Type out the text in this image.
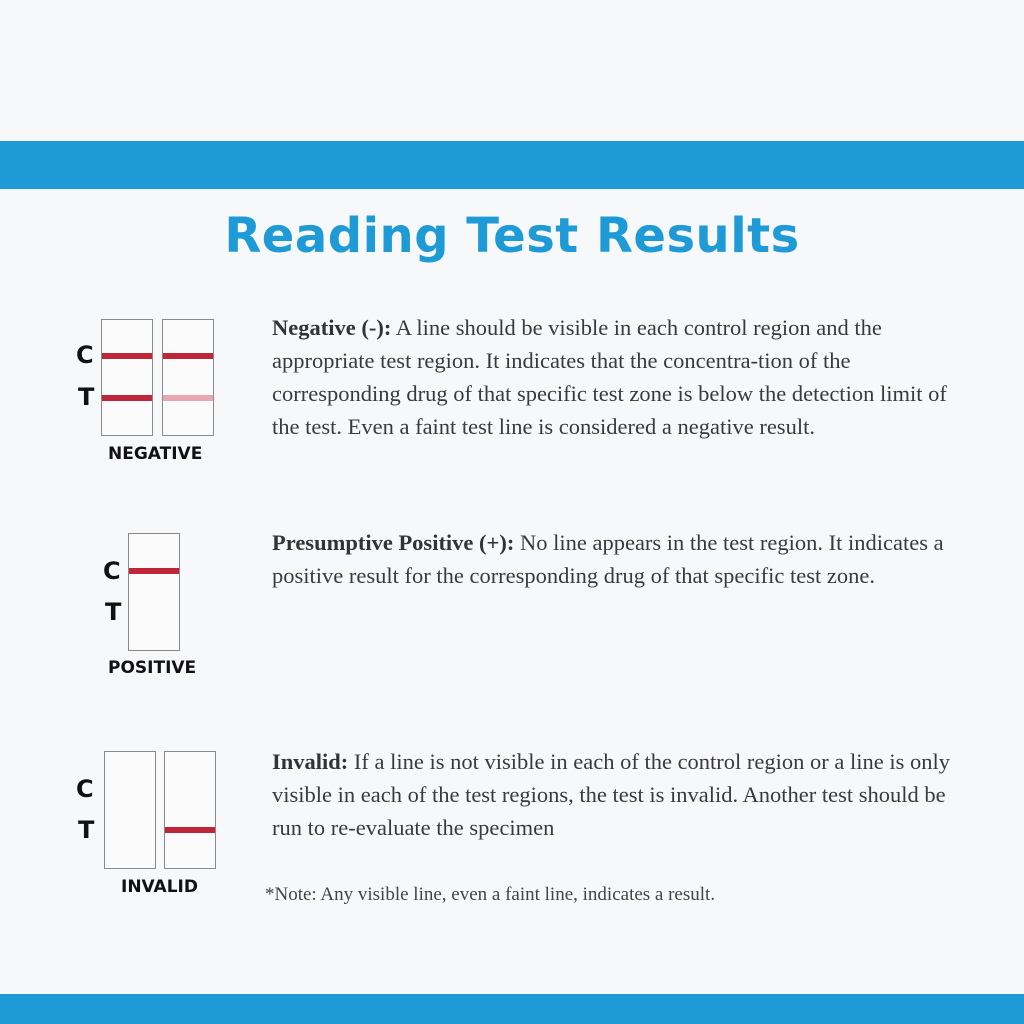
Reading Test Results
C
T
NEGATIVE
Negative (-): A line should be visible in each control region and the appropriate test region. It indicates that the concentra-tion of the corresponding drug of that specific test zone is below the detection limit of the test. Even a faint test line is considered a negative result.
C
T
POSITIVE
Presumptive Positive (+): No line appears in the test region. It indicates a positive result for the corresponding drug of that specific test zone.
C
T
INVALID
Invalid: If a line is not visible in each of the control region or a line is only visible in each of the test regions, the test is invalid. Another test should be run to re-evaluate the specimen
*Note: Any visible line, even a faint line, indicates a result.
